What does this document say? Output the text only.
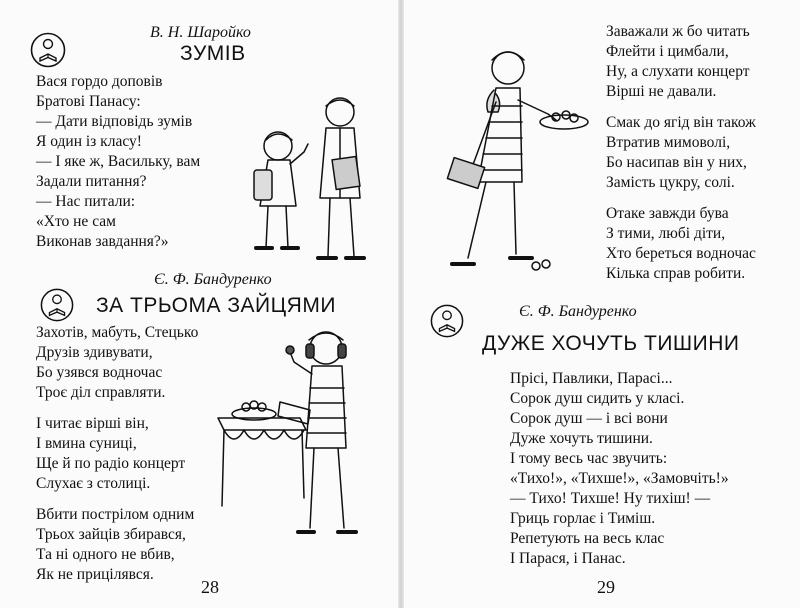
В. Н. Шаройко
ЗУМІВ
Вася гордо доповів
Братові Панасу:
— Дати відповідь зумів
Я один із класу!
— І яке ж, Васильку, вам
Задали питання?
— Нас питали:
«Хто не сам
Виконав завдання?»
Є. Ф. Бандуренко
ЗА ТРЬОМА ЗАЙЦЯМИ
Захотів, мабуть, Стецько
Друзів здивувати,
Бо узявся водночас
Троє діл справляти.
І читає вірші він,
І вмина суниці,
Ще й по радіо концерт
Слухає з столиці.
Вбити пострілом одним
Трьох зайців збирався,
Та ні одного не вбив,
Як не прицілявся.
28
Заважали ж бо читать
Флейти і цимбали,
Ну, а слухати концерт
Вірші не давали.
Смак до ягід він також
Втратив мимоволі,
Бо насипав він у них,
Замість цукру, солі.
Отаке завжди бува
З тими, любі діти,
Хто береться водночас
Кілька справ робити.
Є. Ф. Бандуренко
ДУЖЕ ХОЧУТЬ ТИШИНИ
Прісі, Павлики, Парасі...
Сорок душ сидить у класі.
Сорок душ — і всі вони
Дуже хочуть тишини.
І тому весь час звучить:
«Тихо!», «Тихше!», «Замовчіть!»
— Тихо! Тихше! Ну тихіш! —
Гриць горлає і Тиміш.
Репетують на весь клас
І Парася, і Панас.
29
